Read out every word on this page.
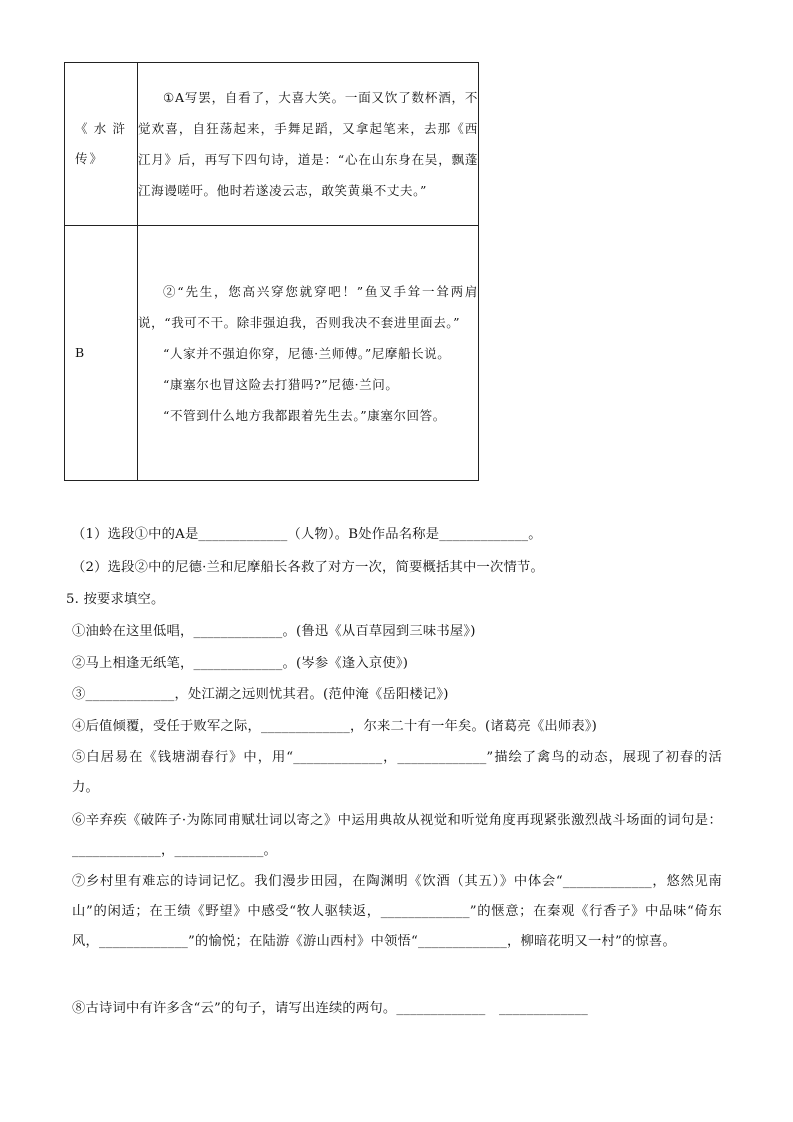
《水浒传》	①A写罢，自看了，大喜大笑。一面又饮了数杯酒，不觉欢喜，自狂荡起来，手舞足蹈，又拿起笔来，去那《西江月》后，再写下四句诗，道是：“心在山东身在吴，飘蓬江海谩嗟吁。他时若遂凌云志，敢笑黄巢不丈夫。”

B	②“先生，您高兴穿您就穿吧！”鱼叉手耸一耸两肩说，“我可不干。除非强迫我，否则我决不套进里面去。”

“人家并不强迫你穿，尼德·兰师傅。”尼摩船长说。

“康塞尔也冒这险去打猎吗?”尼德·兰问。

“不管到什么地方我都跟着先生去。”康塞尔回答。

（1）选段①中的A是_____________（人物）。B处作品名称是_____________。

（2）选段②中的尼德·兰和尼摩船长各救了对方一次，简要概括其中一次情节。

5. 按要求填空。

①油蛉在这里低唱，_____________。(鲁迅《从百草园到三味书屋》)

②马上相逢无纸笔，_____________。(岑参《逢入京使》)

③_____________，处江湖之远则忧其君。(范仲淹《岳阳楼记》)

④后值倾覆，受任于败军之际，_____________，尔来二十有一年矣。(诸葛亮《出师表》)

⑤白居易在《钱塘湖春行》中，用“_____________，_____________”描绘了禽鸟的动态，展现了初春的活力。

⑥辛弃疾《破阵子·为陈同甫赋壮词以寄之》中运用典故从视觉和听觉角度再现紧张激烈战斗场面的词句是：_____________，_____________。

⑦乡村里有难忘的诗词记忆。我们漫步田园，在陶渊明《饮酒（其五）》中体会“_____________，悠然见南山”的闲适；在王绩《野望》中感受“牧人驱犊返，_____________”的惬意；在秦观《行香子》中品味“倚东风，_____________”的愉悦；在陆游《游山西村》中领悟“_____________，柳暗花明又一村”的惊喜。

⑧古诗词中有许多含“云”的句子，请写出连续的两句。_____________　_____________
